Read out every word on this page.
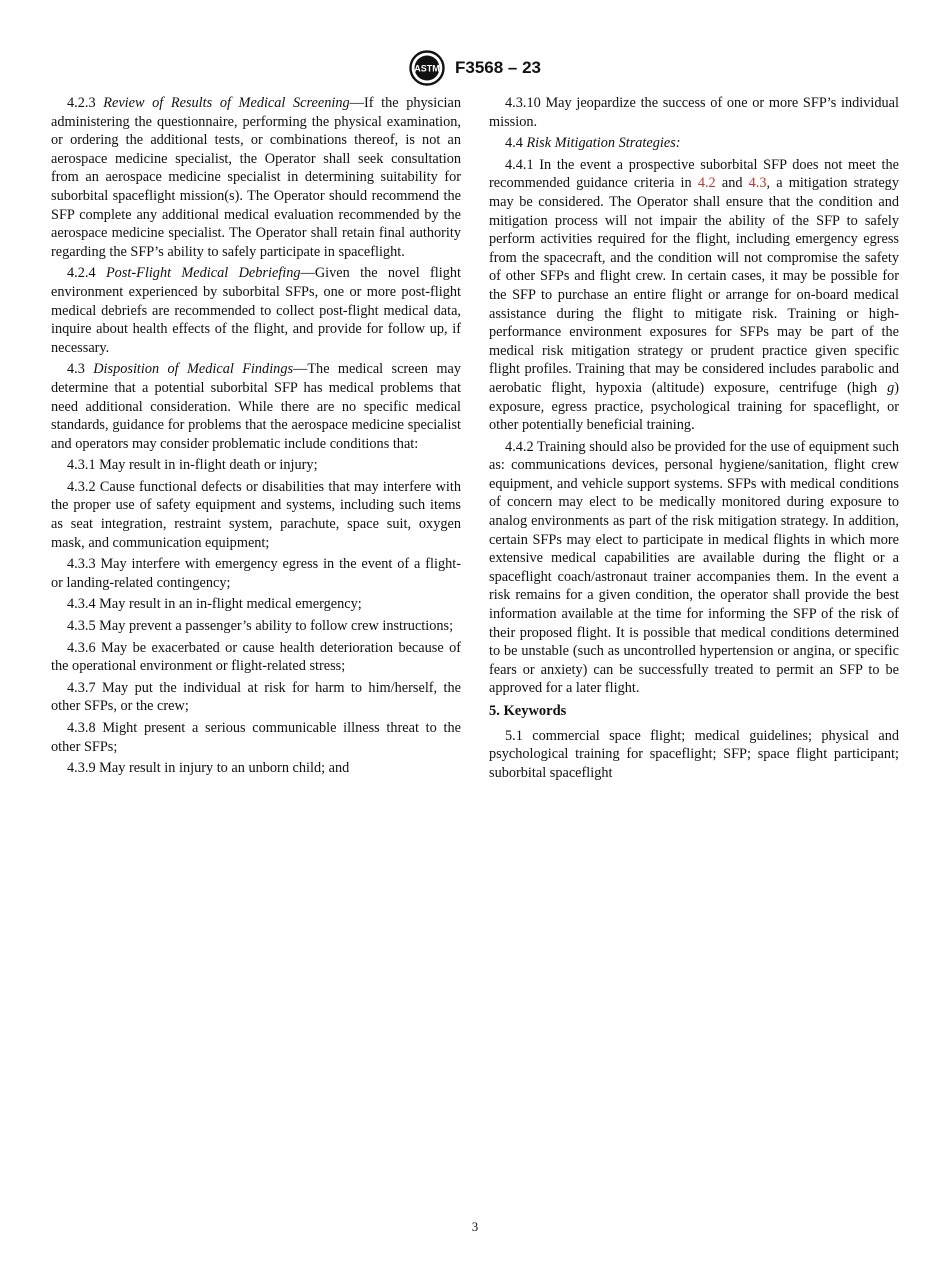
ASTM F3568 – 23

4.2.3 Review of Results of Medical Screening—If the physician administering the questionnaire, performing the physical examination, or ordering the additional tests, or combinations thereof, is not an aerospace medicine specialist, the Operator shall seek consultation from an aerospace medicine specialist in determining suitability for suborbital spaceflight mission(s). The Operator should recommend the SFP complete any additional medical evaluation recommended by the aerospace medicine specialist. The Operator shall retain final authority regarding the SFP’s ability to safely participate in spaceflight.

4.2.4 Post-Flight Medical Debriefing—Given the novel flight environment experienced by suborbital SFPs, one or more post-flight medical debriefs are recommended to collect post-flight medical data, inquire about health effects of the flight, and provide for follow up, if necessary.

4.3 Disposition of Medical Findings—The medical screen may determine that a potential suborbital SFP has medical problems that need additional consideration. While there are no specific medical standards, guidance for problems that the aerospace medicine specialist and operators may consider problematic include conditions that:

4.3.1 May result in in-flight death or injury;

4.3.2 Cause functional defects or disabilities that may interfere with the proper use of safety equipment and systems, including such items as seat integration, restraint system, parachute, space suit, oxygen mask, and communication equipment;

4.3.3 May interfere with emergency egress in the event of a flight- or landing-related contingency;

4.3.4 May result in an in-flight medical emergency;

4.3.5 May prevent a passenger’s ability to follow crew instructions;

4.3.6 May be exacerbated or cause health deterioration because of the operational environment or flight-related stress;

4.3.7 May put the individual at risk for harm to him/herself, the other SFPs, or the crew;

4.3.8 Might present a serious communicable illness threat to the other SFPs;

4.3.9 May result in injury to an unborn child; and

4.3.10 May jeopardize the success of one or more SFP’s individual mission.

4.4 Risk Mitigation Strategies:

4.4.1 In the event a prospective suborbital SFP does not meet the recommended guidance criteria in 4.2 and 4.3, a mitigation strategy may be considered. The Operator shall ensure that the condition and mitigation process will not impair the ability of the SFP to safely perform activities required for the flight, including emergency egress from the spacecraft, and the condition will not compromise the safety of other SFPs and flight crew. In certain cases, it may be possible for the SFP to purchase an entire flight or arrange for on-board medical assistance during the flight to mitigate risk. Training or high-performance environment exposures for SFPs may be part of the medical risk mitigation strategy or prudent practice given specific flight profiles. Training that may be considered includes parabolic and aerobatic flight, hypoxia (altitude) exposure, centrifuge (high g) exposure, egress practice, psychological training for spaceflight, or other potentially beneficial training.

4.4.2 Training should also be provided for the use of equipment such as: communications devices, personal hygiene/sanitation, flight crew equipment, and vehicle support systems. SFPs with medical conditions of concern may elect to be medically monitored during exposure to analog environments as part of the risk mitigation strategy. In addition, certain SFPs may elect to participate in medical flights in which more extensive medical capabilities are available during the flight or a spaceflight coach/astronaut trainer accompanies them. In the event a risk remains for a given condition, the operator shall provide the best information available at the time for informing the SFP of the risk of their proposed flight. It is possible that medical conditions determined to be unstable (such as uncontrolled hypertension or angina, or specific fears or anxiety) can be successfully treated to permit an SFP to be approved for a later flight.

5. Keywords

5.1 commercial space flight; medical guidelines; physical and psychological training for spaceflight; SFP; space flight participant; suborbital spaceflight

3
